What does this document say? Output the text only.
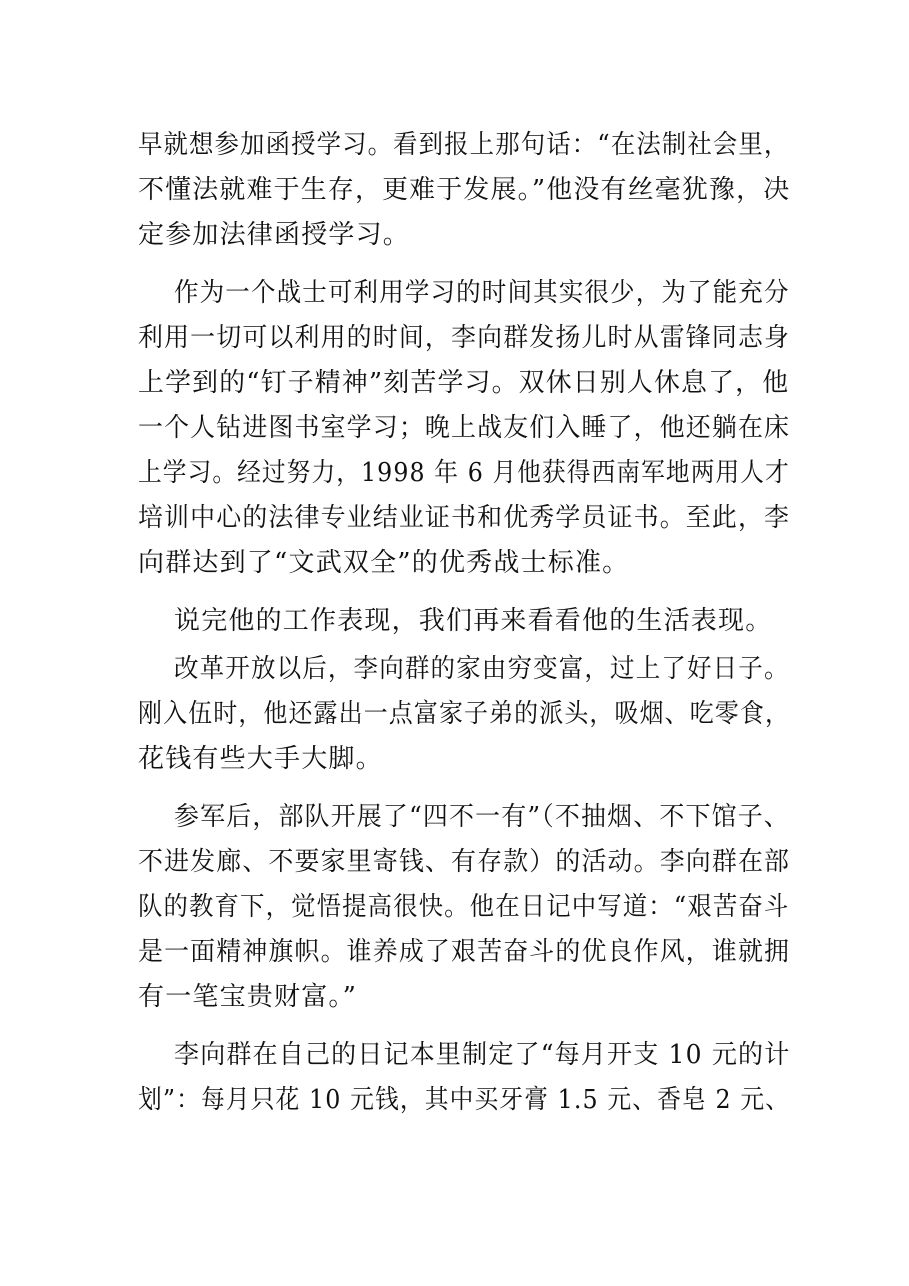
早就想参加函授学习。看到报上那句话：“在法制社会里，
不懂法就难于生存，更难于发展。”他没有丝毫犹豫，决
定参加法律函授学习。
作为一个战士可利用学习的时间其实很少，为了能充分
利用一切可以利用的时间，李向群发扬儿时从雷锋同志身
上学到的“钉子精神”刻苦学习。双休日别人休息了，他
一个人钻进图书室学习；晚上战友们入睡了，他还躺在床
上学习。经过努力，1998 年 6 月他获得西南军地两用人才
培训中心的法律专业结业证书和优秀学员证书。至此，李
向群达到了“文武双全”的优秀战士标准。
说完他的工作表现，我们再来看看他的生活表现。
改革开放以后，李向群的家由穷变富，过上了好日子。
刚入伍时，他还露出一点富家子弟的派头，吸烟、吃零食，
花钱有些大手大脚。
参军后，部队开展了“四不一有”（不抽烟、不下馆子、
不进发廊、不要家里寄钱、有存款）的活动。李向群在部
队的教育下，觉悟提高很快。他在日记中写道：“艰苦奋斗
是一面精神旗帜。谁养成了艰苦奋斗的优良作风，谁就拥
有一笔宝贵财富。”
李向群在自己的日记本里制定了“每月开支 10 元的计
划”：每月只花 10 元钱，其中买牙膏 1.5 元、香皂 2 元、
